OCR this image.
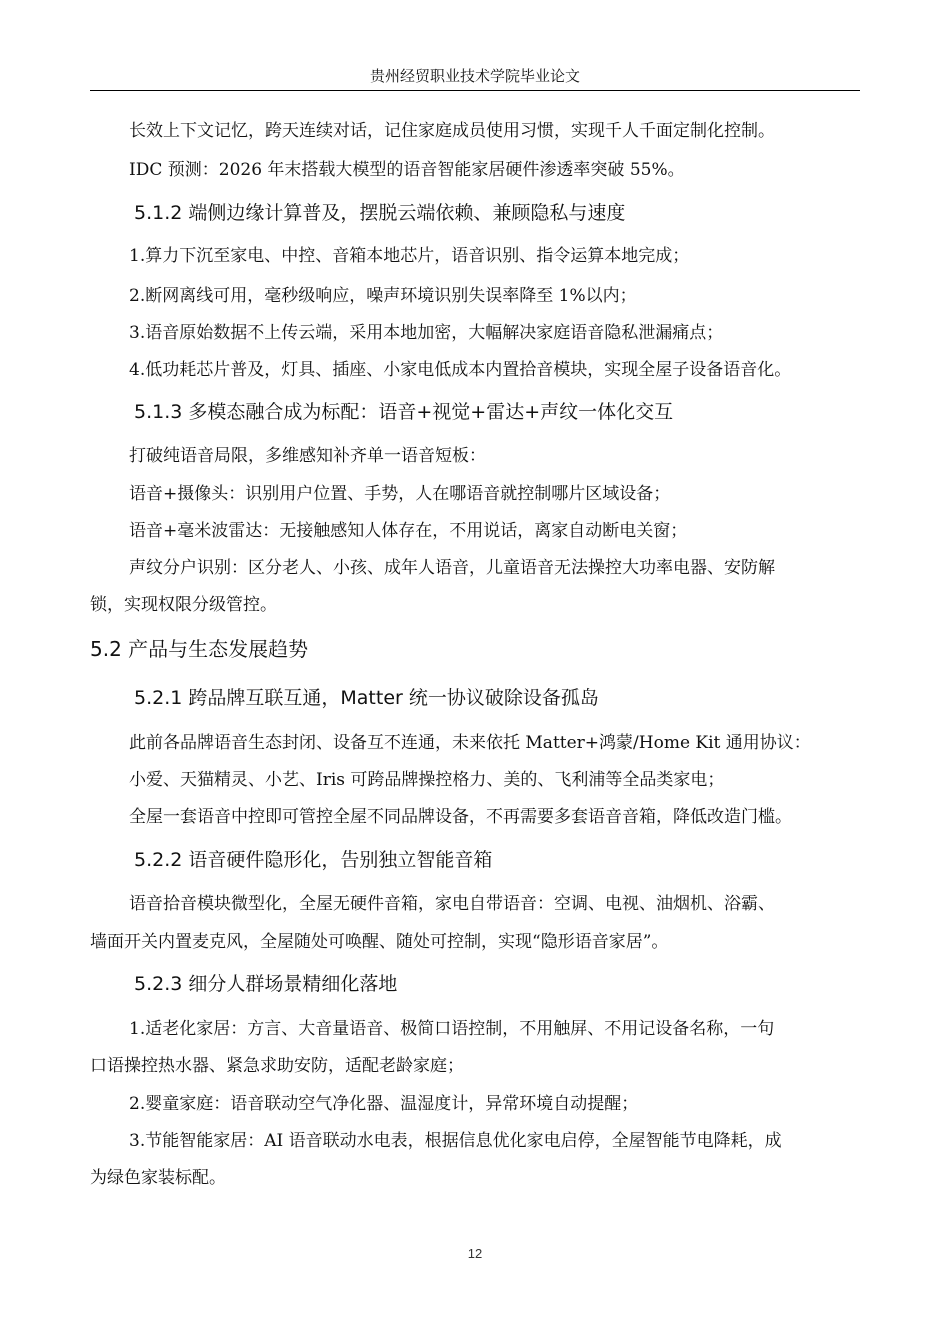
贵州经贸职业技术学院毕业论文
长效上下文记忆，跨天连续对话，记住家庭成员使用习惯，实现千人千面定制化控制。
IDC 预测：2026 年末搭载大模型的语音智能家居硬件渗透率突破 55%。
5.1.2 端侧边缘计算普及，摆脱云端依赖、兼顾隐私与速度
1.算力下沉至家电、中控、音箱本地芯片，语音识别、指令运算本地完成；
2.断网离线可用，毫秒级响应，噪声环境识别失误率降至 1%以内；
3.语音原始数据不上传云端，采用本地加密，大幅解决家庭语音隐私泄漏痛点；
4.低功耗芯片普及，灯具、插座、小家电低成本内置拾音模块，实现全屋子设备语音化。
5.1.3 多模态融合成为标配：语音+视觉+雷达+声纹一体化交互
打破纯语音局限，多维感知补齐单一语音短板：
语音+摄像头：识别用户位置、手势，人在哪语音就控制哪片区域设备；
语音+毫米波雷达：无接触感知人体存在，不用说话，离家自动断电关窗；
声纹分户识别：区分老人、小孩、成年人语音，儿童语音无法操控大功率电器、安防解
锁，实现权限分级管控。
5.2 产品与生态发展趋势
5.2.1 跨品牌互联互通，Matter 统一协议破除设备孤岛
此前各品牌语音生态封闭、设备互不连通，未来依托 Matter+鸿蒙/Home Kit 通用协议：
小爱、天猫精灵、小艺、Iris 可跨品牌操控格力、美的、飞利浦等全品类家电；
全屋一套语音中控即可管控全屋不同品牌设备，不再需要多套语音音箱，降低改造门槛。
5.2.2 语音硬件隐形化，告别独立智能音箱
语音拾音模块微型化，全屋无硬件音箱，家电自带语音：空调、电视、油烟机、浴霸、
墙面开关内置麦克风，全屋随处可唤醒、随处可控制，实现“隐形语音家居”。
5.2.3 细分人群场景精细化落地
1.适老化家居：方言、大音量语音、极简口语控制，不用触屏、不用记设备名称，一句
口语操控热水器、紧急求助安防，适配老龄家庭；
2.婴童家庭：语音联动空气净化器、温湿度计，异常环境自动提醒；
3.节能智能家居：AI 语音联动水电表，根据信息优化家电启停，全屋智能节电降耗，成
为绿色家装标配。
12
